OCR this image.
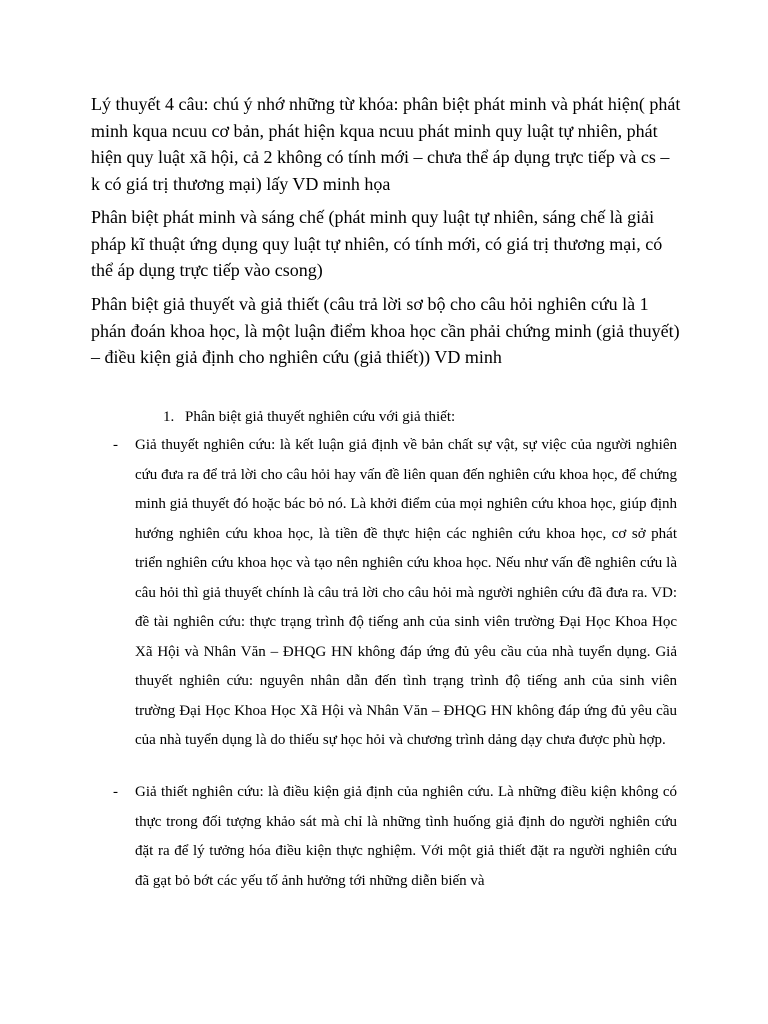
Lý thuyết 4 câu: chú ý nhớ những từ khóa: phân biệt phát minh và phát hiện( phát minh kqua ncuu cơ bản, phát hiện kqua ncuu phát minh quy luật tự nhiên, phát hiện quy luật xã hội, cả 2 không có tính mới – chưa thể áp dụng trực tiếp và cs – k có giá trị thương mại) lấy VD minh họa

Phân biệt phát minh và sáng chế (phát minh quy luật tự nhiên, sáng chế là giải pháp kĩ thuật ứng dụng quy luật tự nhiên, có tính mới, có giá trị thương mại, có thể áp dụng trực tiếp vào csong)

Phân biệt giả thuyết và giả thiết (câu trả lời sơ bộ cho câu hỏi nghiên cứu là 1 phán đoán khoa học, là một luận điểm khoa học cần phải chứng minh (giả thuyết) – điều kiện giả định cho nghiên cứu (giả thiết)) VD minh

1. Phân biệt giả thuyết nghiên cứu với giả thiết:

- Giả thuyết nghiên cứu: là kết luận giả định về bản chất sự vật, sự việc của người nghiên cứu đưa ra để trả lời cho câu hỏi hay vấn đề liên quan đến nghiên cứu khoa học, để chứng minh giả thuyết đó hoặc bác bỏ nó. Là khởi điểm của mọi nghiên cứu khoa học, giúp định hướng nghiên cứu khoa học, là tiền đề thực hiện các nghiên cứu khoa học, cơ sở phát triển nghiên cứu khoa học và tạo nên nghiên cứu khoa học. Nếu như vấn đề nghiên cứu là câu hỏi thì giả thuyết chính là câu trả lời cho câu hỏi mà người nghiên cứu đã đưa ra. VD: đề tài nghiên cứu: thực trạng trình độ tiếng anh của sinh viên trường Đại Học Khoa Học Xã Hội và Nhân Văn – ĐHQG HN không đáp ứng đủ yêu cầu của nhà tuyển dụng. Giả thuyết nghiên cứu: nguyên nhân dẫn đến tình trạng trình độ tiếng anh của sinh viên trường Đại Học Khoa Học Xã Hội và Nhân Văn – ĐHQG HN không đáp ứng đủ yêu cầu của nhà tuyển dụng là do thiếu sự học hỏi và chương trình dảng dạy chưa được phù hợp.
- Giả thiết nghiên cứu: là điều kiện giả định của nghiên cứu. Là những điều kiện không có thực trong đối tượng khảo sát mà chỉ là những tình huống giả định do người nghiên cứu đặt ra để lý tưởng hóa điều kiện thực nghiệm. Với một giả thiết đặt ra người nghiên cứu đã gạt bỏ bớt các yếu tố ảnh hưởng tới những diễn biến và
